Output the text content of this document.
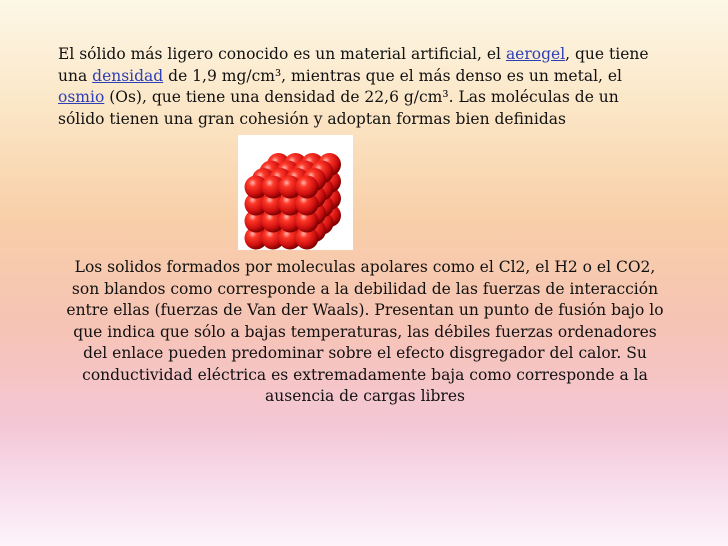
El sólido más ligero conocido es un material artificial, el aerogel, que tiene una densidad de 1,9 mg/cm³, mientras que el más denso es un metal, el osmio (Os), que tiene una densidad de 22,6 g/cm³. Las moléculas de un sólido tienen una gran cohesión y adoptan formas bien definidas
Los solidos formados por moleculas apolares como el Cl2, el H2 o el CO2, son blandos como corresponde a la debilidad de las fuerzas de interacción entre ellas (fuerzas de Van der Waals). Presentan un punto de fusión bajo lo que indica que sólo a bajas temperaturas, las débiles fuerzas ordenadores del enlace pueden predominar sobre el efecto disgregador del calor. Su conductividad eléctrica es extremadamente baja como corresponde a la ausencia de cargas libres
